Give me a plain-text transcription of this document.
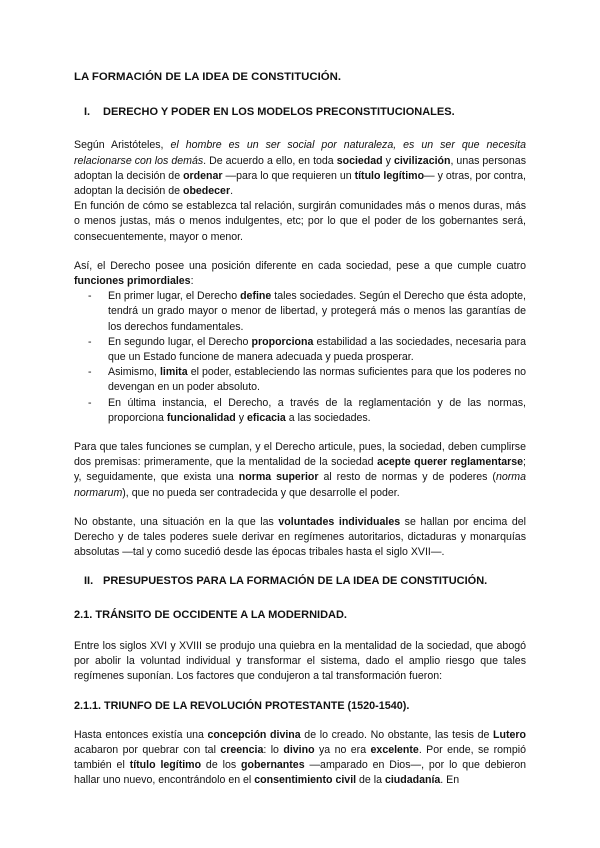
LA FORMACIÓN DE LA IDEA DE CONSTITUCIÓN.
I.	DERECHO Y PODER EN LOS MODELOS PRECONSTITUCIONALES.

Según Aristóteles, el hombre es un ser social por naturaleza, es un ser que necesita relacionarse con los demás. De acuerdo a ello, en toda sociedad y civilización, unas personas adoptan la decisión de ordenar —para lo que requieren un título legítimo— y otras, por contra, adoptan la decisión de obedecer.

En función de cómo se establezca tal relación, surgirán comunidades más o menos duras, más o menos justas, más o menos indulgentes, etc; por lo que el poder de los gobernantes será, consecuentemente, mayor o menor.

Así, el Derecho posee una posición diferente en cada sociedad, pese a que cumple cuatro funciones primordiales:

- En primer lugar, el Derecho define tales sociedades. Según el Derecho que ésta adopte, tendrá un grado mayor o menor de libertad, y protegerá más o menos las garantías de los derechos fundamentales.
- En segundo lugar, el Derecho proporciona estabilidad a las sociedades, necesaria para que un Estado funcione de manera adecuada y pueda prosperar.
- Asimismo, limita el poder, estableciendo las normas suficientes para que los poderes no devengan en un poder absoluto.
- En última instancia, el Derecho, a través de la reglamentación y de las normas, proporciona funcionalidad y eficacia a las sociedades.

Para que tales funciones se cumplan, y el Derecho articule, pues, la sociedad, deben cumplirse dos premisas: primeramente, que la mentalidad de la sociedad acepte querer reglamentarse; y, seguidamente, que exista una norma superior al resto de normas y de poderes (norma normarum), que no pueda ser contradecida y que desarrolle el poder.

No obstante, una situación en la que las voluntades individuales se hallan por encima del Derecho y de tales poderes suele derivar en regímenes autoritarios, dictaduras y monarquías absolutas —tal y como sucedió desde las épocas tribales hasta el siglo XVII—.

II. PRESUPUESTOS PARA LA FORMACIÓN DE LA IDEA DE CONSTITUCIÓN.
2.1. TRÁNSITO DE OCCIDENTE A LA MODERNIDAD.

Entre los siglos XVI y XVIII se produjo una quiebra en la mentalidad de la sociedad, que abogó por abolir la voluntad individual y transformar el sistema, dado el amplio riesgo que tales regímenes suponían. Los factores que condujeron a tal transformación fueron:

2.1.1. TRIUNFO DE LA REVOLUCIÓN PROTESTANTE (1520-1540).

Hasta entonces existía una concepción divina de lo creado. No obstante, las tesis de Lutero acabaron por quebrar con tal creencia: lo divino ya no era excelente. Por ende, se rompió también el título legítimo de los gobernantes —amparado en Dios—, por lo que debieron hallar uno nuevo, encontrándolo en el consentimiento civil de la ciudadanía. En
